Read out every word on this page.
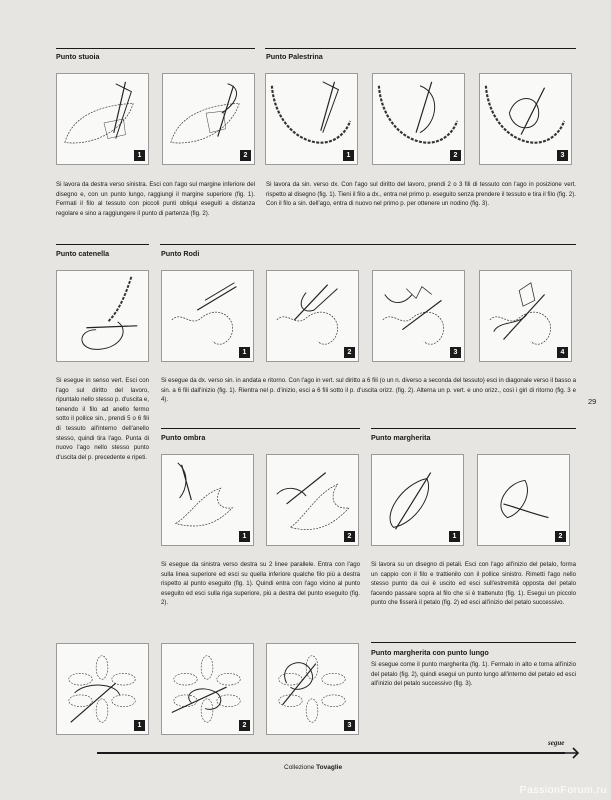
Punto stuoia	Punto Palestrina
1	2	1	2	3
Si lavora da destra verso sinistra. Esci con l'ago sul margine inferiore del disegno e, con un punto lungo, raggiungi il margine superiore (fig. 1). Fermati il filo al tessuto con piccoli punti obliqui eseguiti a distanza regolare e sino a raggiungere il punto di partenza (fig. 2).
Si lavora da sin. verso dx. Con l'ago sul diritto del lavoro, prendi 2 o 3 fili di tessuto con l'ago in posizione vert. rispetto al disegno (fig. 1). Tieni il filo a dx., entra nel primo p. eseguito senza prendere il tessuto e tira il filo (fig. 2). Con il filo a sin. dell'ago, entra di nuovo nel primo p. per ottenere un nodino (fig. 3).
Punto catenella	Punto Rodi
1	2	3	4
Si esegue in senso vert. Esci con l'ago sul diritto del lavoro, ripuntalo nello stesso p. d'uscita e, tenendo il filo ad anello fermo sotto il pollice sin., prendi 5 o 6 fili di tessuto all'interno dell'anello stesso, quindi tira l'ago. Punta di nuovo l'ago nello stesso punto d'uscita del p. precedente e ripeti.
Si esegue da dx. verso sin. in andata e ritorno. Con l'ago in vert. sul diritto a 6 fili (o un n. diverso a seconda del tessuto) esci in diagonale verso il basso a sin. a 6 fili dall'inizio (fig. 1). Rientra nel p. d'inizio, esci a 6 fili sotto il p. d'uscita orizz. (fig. 2). Alterna un p. vert. e uno orizz., così i giri di ritorno (fig. 3 e 4).	29
Punto ombra	Punto margherita
1	2	1	2
Si esegue da sinistra verso destra su 2 linee parallele. Entra con l'ago sulla linea superiore ed esci su quella inferiore qualche filo più a destra rispetto al punto eseguito (fig. 1). Quindi entra con l'ago vicino al punto eseguito ed esci sulla riga superiore, più a destra del punto eseguito (fig. 2).
Si lavora su un disegno di petali. Esci con l'ago all'inizio del petalo, forma un cappio con il filo e trattienilo con il pollice sinistro. Rimetti l'ago nello stesso punto da cui è uscito ed esci sull'estremità opposta del petalo facendo passare sopra al filo che si è trattenuto (fig. 1). Esegui un piccolo punto che fisserà il petalo (fig. 2) ed esci all'inizio del petalo successivo.
Punto margherita con punto lungo
Si esegue come il punto margherita (fig. 1). Fermalo in alto e torna all'inizio del petalo (fig. 2), quindi esegui un punto lungo all'interno del petalo ed esci all'inizio del petalo successivo (fig. 3).
1	2	3
segue
Collezione Tovaglie
PassionForum.ru
